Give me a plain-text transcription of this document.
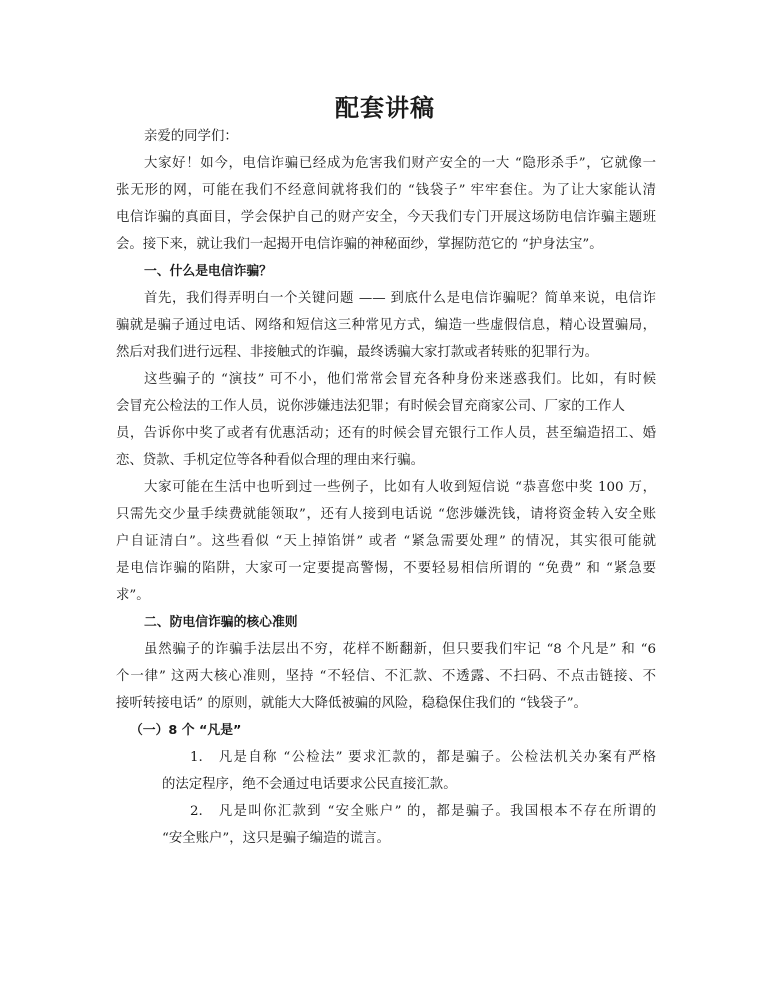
配套讲稿
亲爱的同学们：
大家好！如今，电信诈骗已经成为危害我们财产安全的一大 “隐形杀手”，它就像一
张无形的网，可能在我们不经意间就将我们的 “钱袋子” 牢牢套住。为了让大家能认清
电信诈骗的真面目，学会保护自己的财产安全，今天我们专门开展这场防电信诈骗主题班
会。接下来，就让我们一起揭开电信诈骗的神秘面纱，掌握防范它的 “护身法宝”。
一、什么是电信诈骗？
首先，我们得弄明白一个关键问题 —— 到底什么是电信诈骗呢？简单来说，电信诈
骗就是骗子通过电话、网络和短信这三种常见方式，编造一些虚假信息，精心设置骗局，
然后对我们进行远程、非接触式的诈骗，最终诱骗大家打款或者转账的犯罪行为。
这些骗子的 “演技” 可不小，他们常常会冒充各种身份来迷惑我们。比如，有时候
会冒充公检法的工作人员，说你涉嫌违法犯罪；有时候会冒充商家公司、厂家的工作人
员，告诉你中奖了或者有优惠活动；还有的时候会冒充银行工作人员，甚至编造招工、婚
恋、贷款、手机定位等各种看似合理的理由来行骗。
大家可能在生活中也听到过一些例子，比如有人收到短信说 “恭喜您中奖 100 万，
只需先交少量手续费就能领取”，还有人接到电话说 “您涉嫌洗钱，请将资金转入安全账
户自证清白”。这些看似 “天上掉馅饼” 或者 “紧急需要处理” 的情况，其实很可能就
是电信诈骗的陷阱，大家可一定要提高警惕，不要轻易相信所谓的 “免费” 和 “紧急要
求”。
二、防电信诈骗的核心准则
虽然骗子的诈骗手法层出不穷，花样不断翻新，但只要我们牢记 “8 个凡是” 和 “6
个一律” 这两大核心准则，坚持 “不轻信、不汇款、不透露、不扫码、不点击链接、不
接听转接电话” 的原则，就能大大降低被骗的风险，稳稳保住我们的 “钱袋子”。
（一）8 个 “凡是”
1.　凡是自称 “公检法” 要求汇款的，都是骗子。公检法机关办案有严格
的法定程序，绝不会通过电话要求公民直接汇款。
2.　凡是叫你汇款到 “安全账户” 的，都是骗子。我国根本不存在所谓的
“安全账户”，这只是骗子编造的谎言。
